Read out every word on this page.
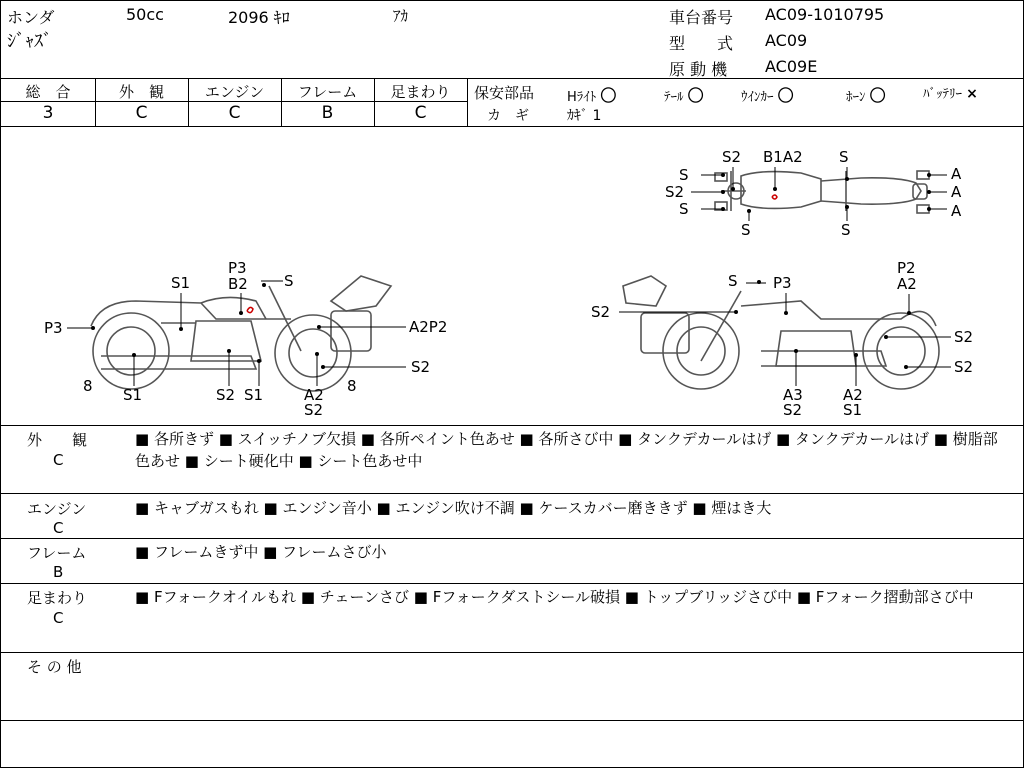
ホンダ	50cc	2096 ｷﾛ	ｱｶ
ｼﾞｬｽﾞ
車台番号 AC09-1010795
型　　式 AC09
原 動 機 AC09E
総　合
3
外　観
C
エンジン
C
フレーム
B
足まわり
C
保安部品	Hﾗｲﾄ 〇	ﾃｰﾙ 〇	ｳｲﾝｶｰ 〇	ﾎｰﾝ 〇	ﾊﾞｯﾃﾘｰ ×
カ　ギ	ｶｷﾞ 1
S2 B1A2 S
S
S2
S
A
A
A
S	S
P3
B2 S
S1
P3	A2P2
S2
8 S1	S2 S1	A2
S2
8
S P3
P2
A2
S2
S2
S2
A3
S2
A2
S1
外　　観
C
■ 各所きず ■ スイッチノブ欠損 ■ 各所ペイント色あせ ■ 各所さび中 ■ タンクデカールはげ ■ タンクデカールはげ ■ 樹脂部色あせ ■ シート硬化中 ■ シート色あせ中
エンジン
C
■ キャブガスもれ ■ エンジン音小 ■ エンジン吹け不調 ■ ケースカバー磨ききず ■ 煙はき大
フレーム
B
■ フレームきず中 ■ フレームさび小
足まわり
C
■ Fフォークオイルもれ ■ チェーンさび ■ Fフォークダストシール破損 ■ トップブリッジさび中 ■ Fフォーク摺動部さび中
そ の 他
